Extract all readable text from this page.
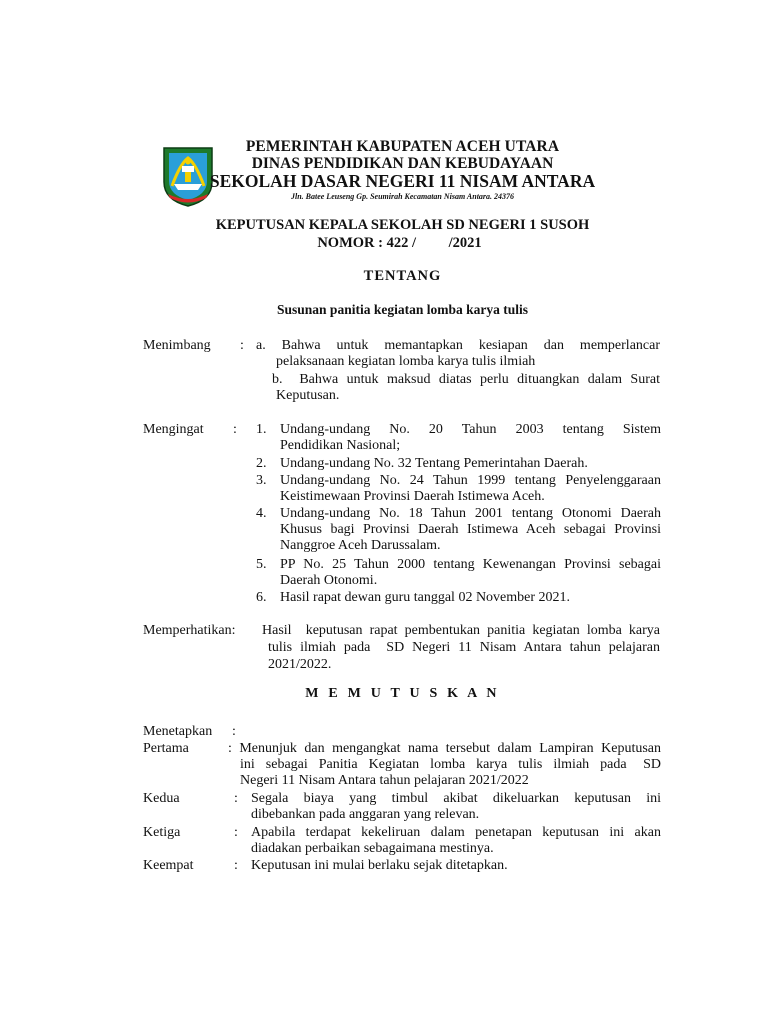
PEMERINTAH KABUPATEN ACEH UTARA
DINAS PENDIDIKAN DAN KEBUDAYAAN
SEKOLAH DASAR NEGERI 11 NISAM ANTARA
Jln. Batee Leuseng Gp. Seumirah Kecamatan Nisam Antara. 24376
KEPUTUSAN KEPALA SEKOLAH SD NEGERI 1 SUSOH
NOMOR : 422 /         /2021
TENTANG
Susunan panitia kegiatan lomba karya tulis
Menimbang : a.  Bahwa  untuk  memantapkan  kesiapan  dan  memperlancar
pelaksanaan kegiatan lomba karya tulis ilmiah
b.  Bahwa untuk maksud diatas perlu dituangkan dalam Surat
Keputusan.
Mengingat : 1. Undang-undang  No.  20  Tahun  2003  tentang  Sistem
Pendidikan Nasional;
2. Undang-undang No. 32 Tentang Pemerintahan Daerah.
3. Undang-undang No. 24 Tahun 1999 tentang Penyelenggaraan
Keistimewaan Provinsi Daerah Istimewa Aceh.
4. Undang-undang No. 18 Tahun 2001 tentang Otonomi Daerah
Khusus bagi Provinsi Daerah Istimewa Aceh sebagai Provinsi
Nanggroe Aceh Darussalam.
5. PP No. 25 Tahun 2000 tentang Kewenangan Provinsi sebagai
Daerah Otonomi.
6. Hasil rapat dewan guru tanggal 02 November 2021.
Memperhatikan: Hasil  keputusan rapat pembentukan panitia kegiatan lomba karya
tulis ilmiah pada  SD Negeri 11 Nisam Antara tahun pelajaran
2021/2022.
M E M U T U S K A N
Menetapkan :
Pertama	: Menunjuk dan mengangkat nama tersebut dalam Lampiran Keputusan
ini  sebagai  Panitia  Kegiatan  lomba  karya  tulis  ilmiah  pada   SD
Negeri 11 Nisam Antara tahun pelajaran 2021/2022
Kedua	: Segala  biaya  yang  timbul  akibat  dikeluarkan  keputusan  ini
dibebankan pada anggaran yang relevan.
Ketiga	: Apabila  terdapat  kekeliruan  dalam  penetapan  keputusan  ini  akan
diadakan perbaikan sebagaimana mestinya.
Keempat	: Keputusan ini mulai berlaku sejak ditetapkan.
